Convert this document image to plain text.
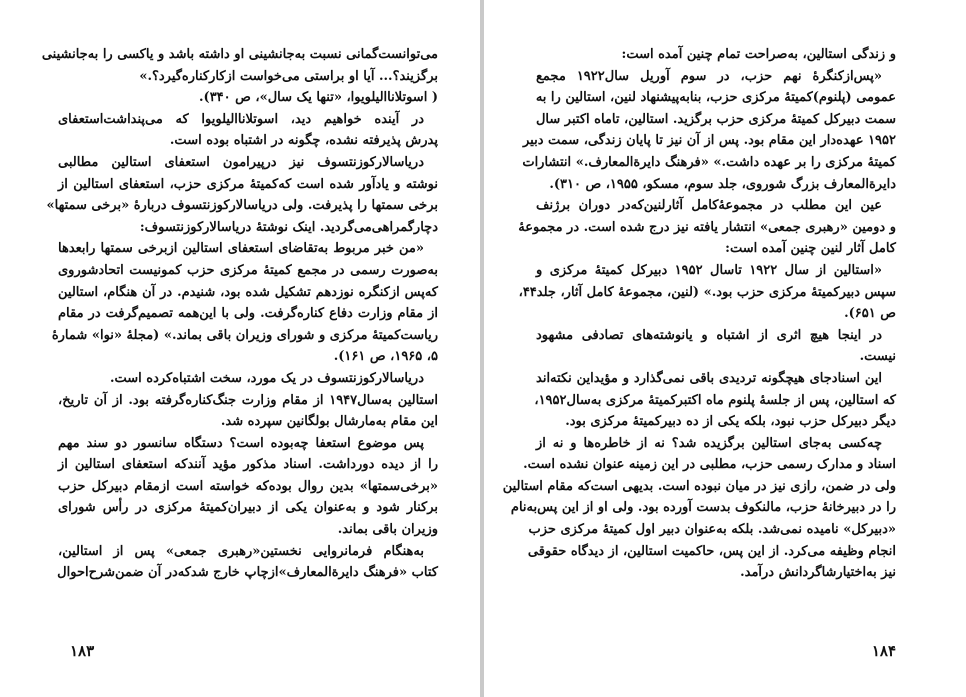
می‌توانست‌گمانی نسبت به‌جانشینی او داشته باشد و یاکسی را به‌جانشینی
برگزیند؟... آیا او براستی می‌خواست ازکارکناره‌گیرد؟.»
( اسوتلانا‌الیلویوا، «تنها یک سال»، ص ۳۴۰).
در آینده خواهیم دید، اسوتلانا‌الیلویوا که می‌پنداشت‌استعفای
پدرش پذیرفته نشده، چگونه در اشتباه بوده است.
دریاسالار‌کوزنتسوف نیز درپیرامون استعفای استالین مطالبی
نوشته و یادآور شده است که‌کمیتهٔ مرکزی حزب، استعفای استالین از
برخی سمتها را پذیرفت. ولی دریاسالار‌کوزنتسوف دربارهٔ «برخی سمتها»
دچارگمراهی‌می‌گردید. اینک نوشتهٔ دریاسالار‌کوزنتسوف:
«من خبر مربوط به‌تقاضای استعفای استالین از‌برخی سمتها را‌بعدها
به‌صورت رسمی در مجمع کمیتهٔ مرکزی حزب کمونیست اتحادشوروی
که‌پس از‌کنگره نوزدهم تشکیل شده بود، شنیدم. در آن هنگام، استالین
از مقام وزارت دفاع کناره‌گرفت. ولی با این‌همه تصمیم‌گرفت در مقام
ریاست‌کمیتهٔ مرکزی و شورای وزیران باقی بماند.» (مجلهٔ «نوا» شمارهٔ
۵، ۱۹۶۵، ص ۱۶۱).
دریاسالار‌کوزنتسوف در یک مورد، سخت اشتباه‌کرده است.
استالین به‌سال۱۹۴۷ از مقام وزارت جنگ‌کناره‌گرفته بود. از آن تاریخ،
این مقام به‌مارشال بولگانین سپرده شد.
پس موضوع استعفا چه‌بوده است؟ دستگاه سانسور دو سند مهم
را از دیده دورداشت. اسناد مذکور مؤید آنندکه استعفای استالین از
«برخی‌سمتها» بدین روال بوده‌که خواسته است از‌مقام دبیرکل حزب
برکنار شود و به‌عنوان یکی از دبیران‌کمیتهٔ مرکزی در رأس شورای
وزیران باقی بماند.
به‌هنگام فرمانروایی نخستین«رهبری جمعی» پس از استالین،
کتاب «فرهنگ دایرة‌المعارف»ازچاپ خارج شد‌که‌در آن ضمن‌شرح‌احوال
۱۸۳
و زندگی استالین، به‌صراحت تمام چنین آمده است:
«پس‌ازکنگرهٔ نهم حزب، در سوم آوریل سال۱۹۲۲ مجمع
عمومی (پلنوم)‌کمیتهٔ مرکزی حزب، بنابه‌پیشنهاد لنین، استالین را به
سمت دبیرکل کمیتهٔ مرکزی حزب برگزید. استالین، تاماه اکتبر سال
۱۹۵۲ عهده‌دار این مقام بود. پس از آن نیز تا پایان زندگی، سمت دبیر
کمیتهٔ مرکزی را بر عهده داشت.» «فرهنگ دایرة‌المعارف.» انتشارات
دایرة‌المعارف بزرگ شوروی، جلد سوم، مسکو، ۱۹۵۵، ص ۳۱۰).
عین این مطلب در مجموعهٔ‌کامل آثار‌لنین‌که‌در دوران برژنف
و دومین «رهبری جمعی» انتشار یافته نیز درج شده است. در مجموعهٔ
کامل آثار لنین چنین آمده است:
«استالین از سال ۱۹۲۲ تاسال ۱۹۵۲ دبیرکل کمیتهٔ مرکزی و
سپس دبیرکمیتهٔ مرکزی حزب بود.» (لنین، مجموعهٔ کامل آثار، جلد۴۴،
ص ۶۵۱).
در اینجا هیچ اثری از اشتباه و یانوشته‌های تصادفی مشهود
نیست.
این اسنادجای هیچگونه تردیدی باقی نمی‌گذارد و مؤیداین نکته‌اند
که استالین، پس از جلسهٔ پلنوم ماه اکتبر‌کمیتهٔ مرکزی به‌سال۱۹۵۲،
دیگر دبیرکل حزب نبود، بلکه یکی از ده دبیر‌کمیتهٔ مرکزی بود.
چه‌کسی به‌جای استالین برگزیده شد؟ نه از خاطره‌ها و نه از
اسناد و مدارک رسمی حزب، مطلبی در این زمینه عنوان نشده است.
ولی در ضمن، رازی نیز در میان نبوده است. بدیهی است‌که مقام استالین
را در دبیرخانهٔ حزب، مالنکوف بدست آورده بود. ولی او از این پس‌به‌نام
«دبیرکل» نامیده نمی‌شد. بلکه به‌عنوان دبیر اول کمیتهٔ مرکزی حزب
انجام وظیفه می‌کرد. از این پس، حاکمیت استالین، از دیدگاه حقوقی
نیز به‌اختیار‌شاگردانش در‌آمد.
۱۸۴
